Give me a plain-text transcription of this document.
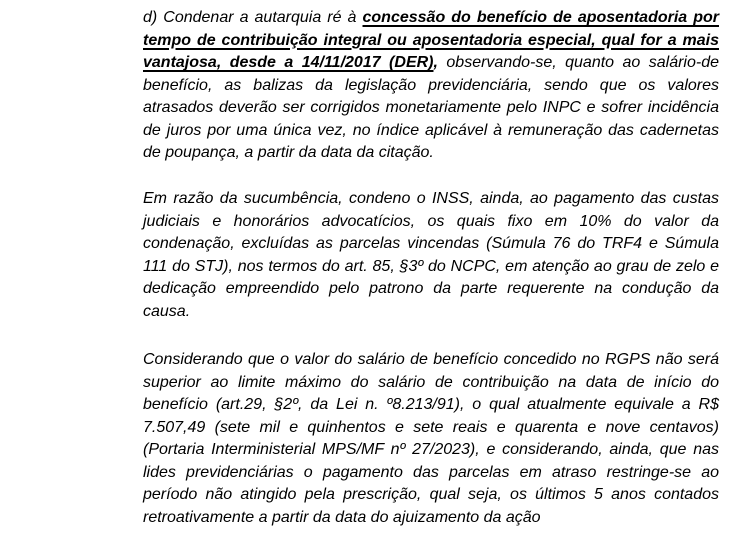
d) Condenar a autarquia ré à concessão do benefício de aposentadoria por tempo de contribuição integral ou aposentadoria especial, qual for a mais vantajosa, desde a 14/11/2017 (DER), observando-se, quanto ao salário-de benefício, as balizas da legislação previdenciária, sendo que os valores atrasados deverão ser corrigidos monetariamente pelo INPC e sofrer incidência de juros por uma única vez, no índice aplicável à remuneração das cadernetas de poupança, a partir da data da citação.

Em razão da sucumbência, condeno o INSS, ainda, ao pagamento das custas judiciais e honorários advocatícios, os quais fixo em 10% do valor da condenação, excluídas as parcelas vincendas (Súmula 76 do TRF4 e Súmula 111 do STJ), nos termos do art. 85, §3º do NCPC, em atenção ao grau de zelo e dedicação empreendido pelo patrono da parte requerente na condução da causa.

Considerando que o valor do salário de benefício concedido no RGPS não será superior ao limite máximo do salário de contribuição na data de início do benefício (art.29, §2º, da Lei n. º8.213/91), o qual atualmente equivale a R$ 7.507,49 (sete mil e quinhentos e sete reais e quarenta e nove centavos) (Portaria Interministerial MPS/MF nº 27/2023), e considerando, ainda, que nas lides previdenciárias o pagamento das parcelas em atraso restringe-se ao período não atingido pela prescrição, qual seja, os últimos 5 anos contados retroativamente a partir da data do ajuizamento da ação
